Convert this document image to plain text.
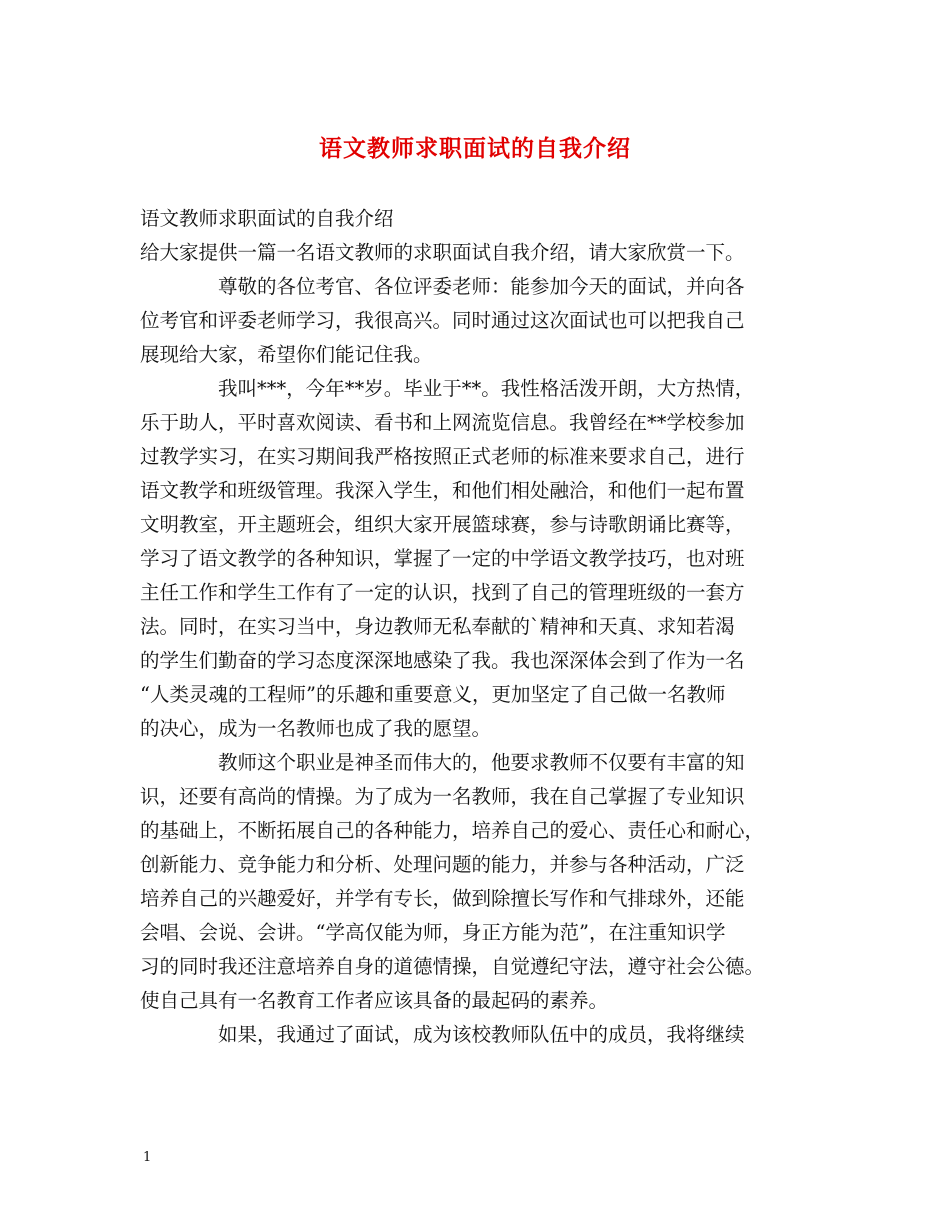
语文教师求职面试的自我介绍
语文教师求职面试的自我介绍
给大家提供一篇一名语文教师的求职面试自我介绍，请大家欣赏一下。
尊敬的各位考官、各位评委老师：能参加今天的面试，并向各
位考官和评委老师学习，我很高兴。同时通过这次面试也可以把我自己
展现给大家，希望你们能记住我。
我叫***，今年**岁。毕业于**。我性格活泼开朗，大方热情，
乐于助人，平时喜欢阅读、看书和上网流览信息。我曾经在**学校参加
过教学实习，在实习期间我严格按照正式老师的标准来要求自己，进行
语文教学和班级管理。我深入学生，和他们相处融洽，和他们一起布置
文明教室，开主题班会，组织大家开展篮球赛，参与诗歌朗诵比赛等，
学习了语文教学的各种知识，掌握了一定的中学语文教学技巧，也对班
主任工作和学生工作有了一定的认识，找到了自己的管理班级的一套方
法。同时，在实习当中，身边教师无私奉献的`精神和天真、求知若渴
的学生们勤奋的学习态度深深地感染了我。我也深深体会到了作为一名
“人类灵魂的工程师”的乐趣和重要意义，更加坚定了自己做一名教师
的决心，成为一名教师也成了我的愿望。
教师这个职业是神圣而伟大的，他要求教师不仅要有丰富的知
识，还要有高尚的情操。为了成为一名教师，我在自己掌握了专业知识
的基础上，不断拓展自己的各种能力，培养自己的爱心、责任心和耐心，
创新能力、竞争能力和分析、处理问题的能力，并参与各种活动，广泛
培养自己的兴趣爱好，并学有专长，做到除擅长写作和气排球外，还能
会唱、会说、会讲。“学高仅能为师，身正方能为范”，在注重知识学
习的同时我还注意培养自身的道德情操，自觉遵纪守法，遵守社会公德。
使自己具有一名教育工作者应该具备的最起码的素养。
如果，我通过了面试，成为该校教师队伍中的成员，我将继续
1
